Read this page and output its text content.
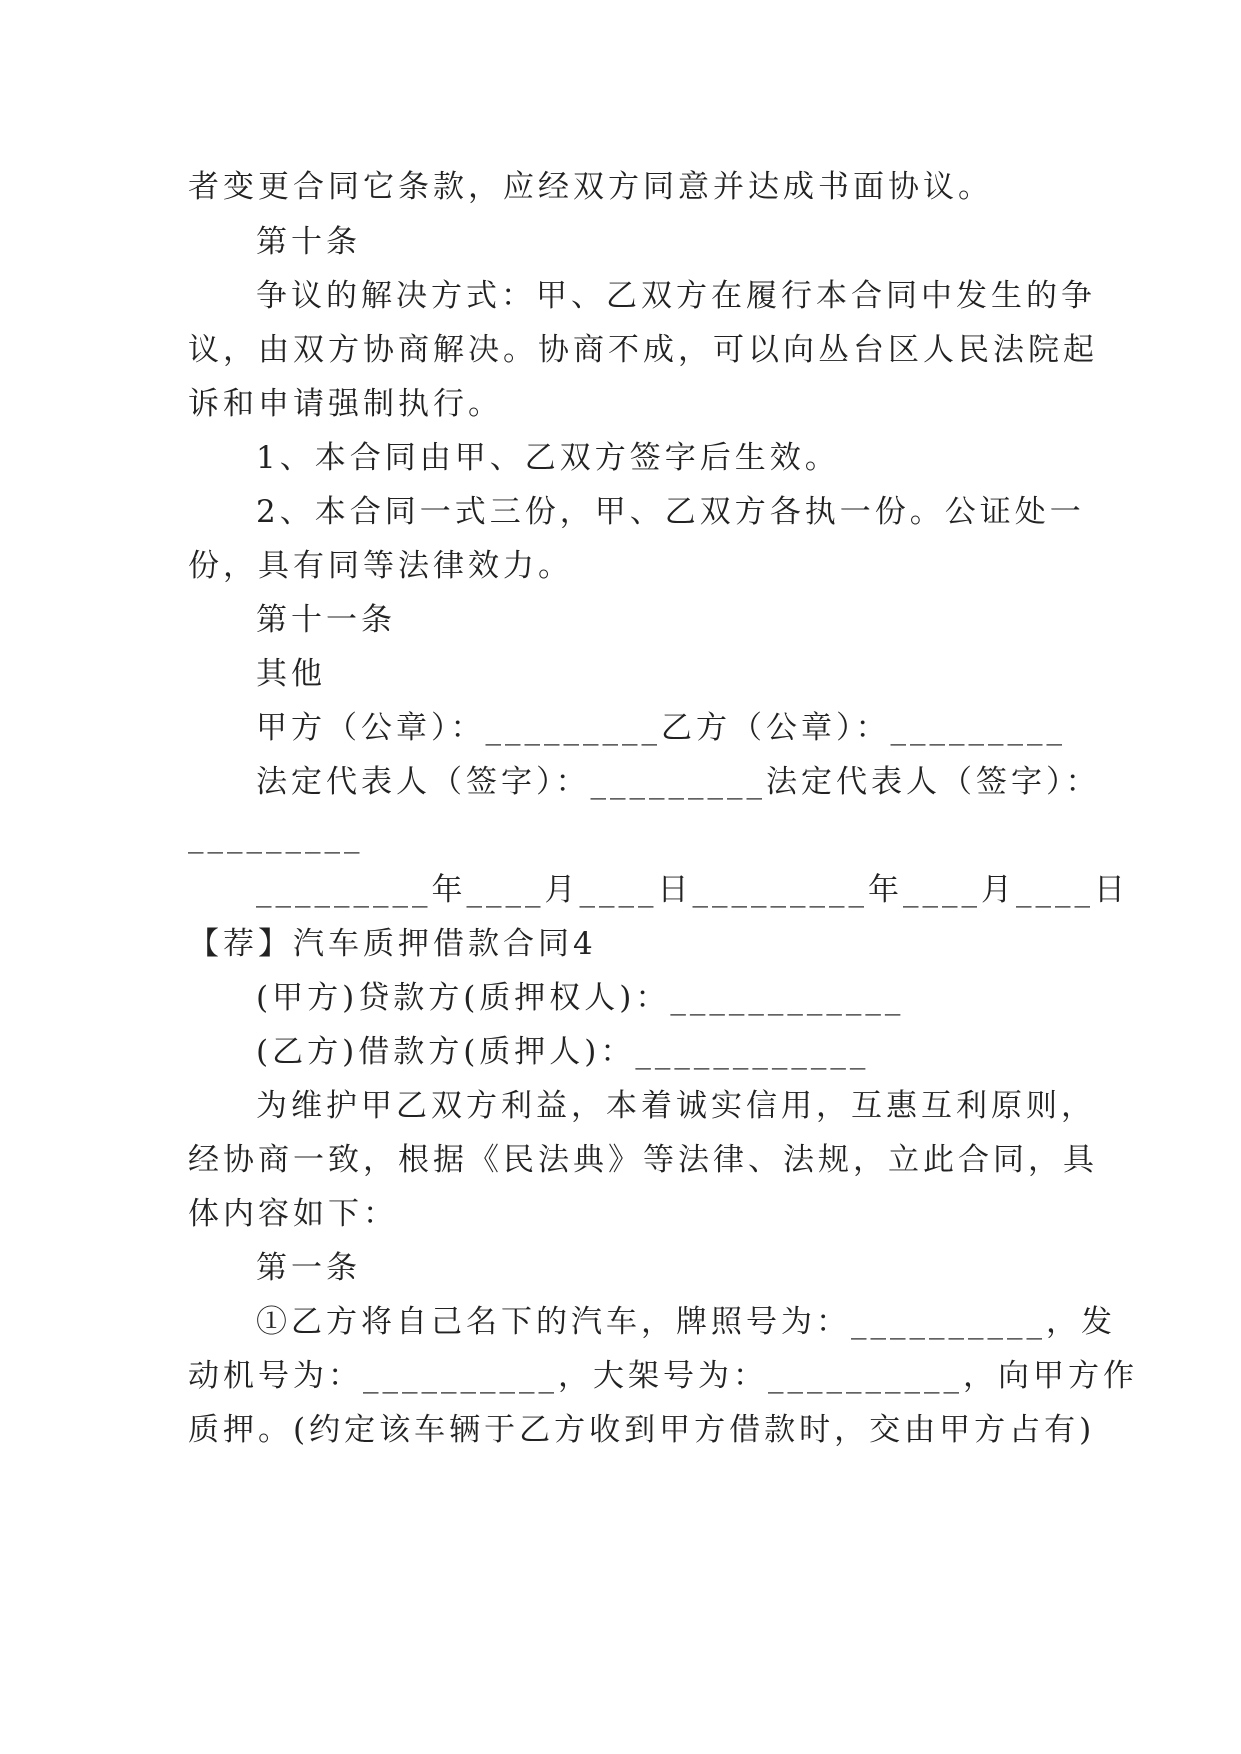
者变更合同它条款，应经双方同意并达成书面协议。
第十条
争议的解决方式：甲、乙双方在履行本合同中发生的争
议，由双方协商解决。协商不成，可以向丛台区人民法院起
诉和申请强制执行。
1、本合同由甲、乙双方签字后生效。
2、本合同一式三份，甲、乙双方各执一份。公证处一
份，具有同等法律效力。
第十一条
其他
甲方（公章）：_________乙方（公章）：_________
法定代表人（签字）：_________法定代表人（签字）：
_________
_________年____月____日_________年____月____日
【荐】汽车质押借款合同4
(甲方)贷款方(质押权人)：____________
(乙方)借款方(质押人)：____________
为维护甲乙双方利益，本着诚实信用，互惠互利原则，
经协商一致，根据《民法典》等法律、法规，立此合同，具
体内容如下：
第一条
①乙方将自己名下的汽车，牌照号为：__________，发
动机号为：__________，大架号为：__________，向甲方作
质押。(约定该车辆于乙方收到甲方借款时，交由甲方占有)
